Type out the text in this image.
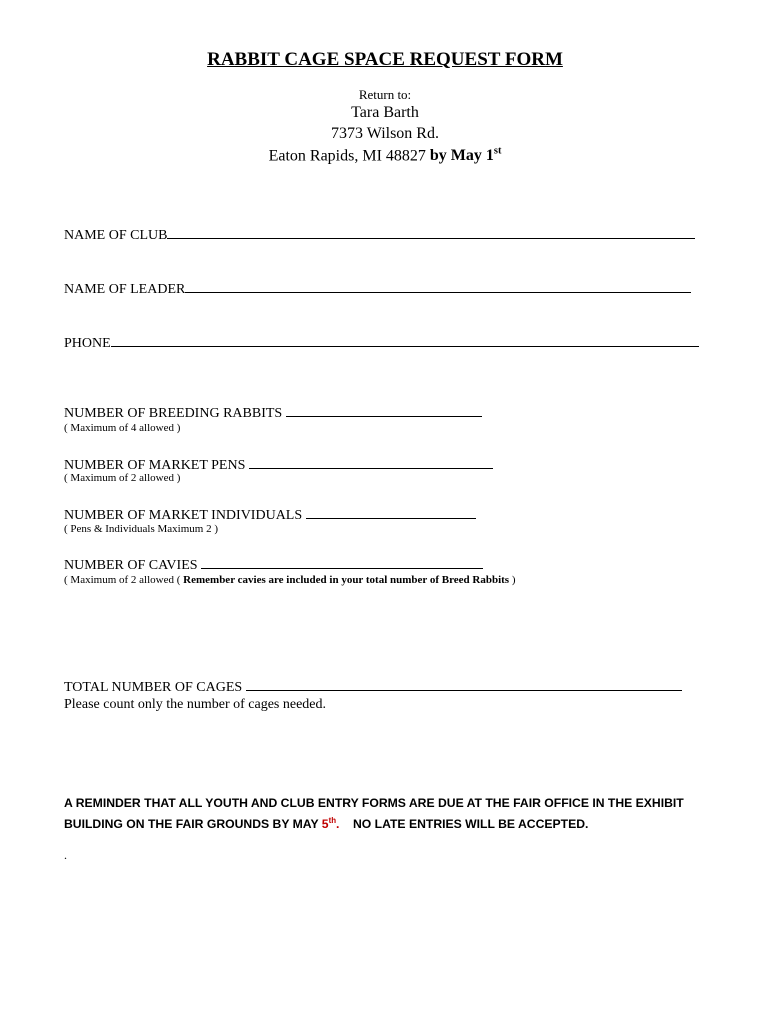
RABBIT CAGE SPACE REQUEST FORM
Return to:
Tara Barth
7373 Wilson Rd.
Eaton Rapids, MI 48827 by May 1st
NAME OF CLUB
NAME OF LEADER
PHONE
NUMBER OF BREEDING RABBITS
( Maximum of 4 allowed )
NUMBER OF MARKET PENS
( Maximum of 2 allowed )
NUMBER OF MARKET INDIVIDUALS
( Pens & Individuals Maximum 2 )
NUMBER OF CAVIES
( Maximum of 2 allowed ( Remember cavies are included in your total number of Breed Rabbits )
TOTAL NUMBER OF CAGES
Please count only the number of cages needed.
A REMINDER THAT ALL YOUTH AND CLUB ENTRY FORMS ARE DUE AT THE FAIR OFFICE IN THE EXHIBIT BUILDING ON THE FAIR GROUNDS BY MAY 5th.    NO LATE ENTRIES WILL BE ACCEPTED.
.
